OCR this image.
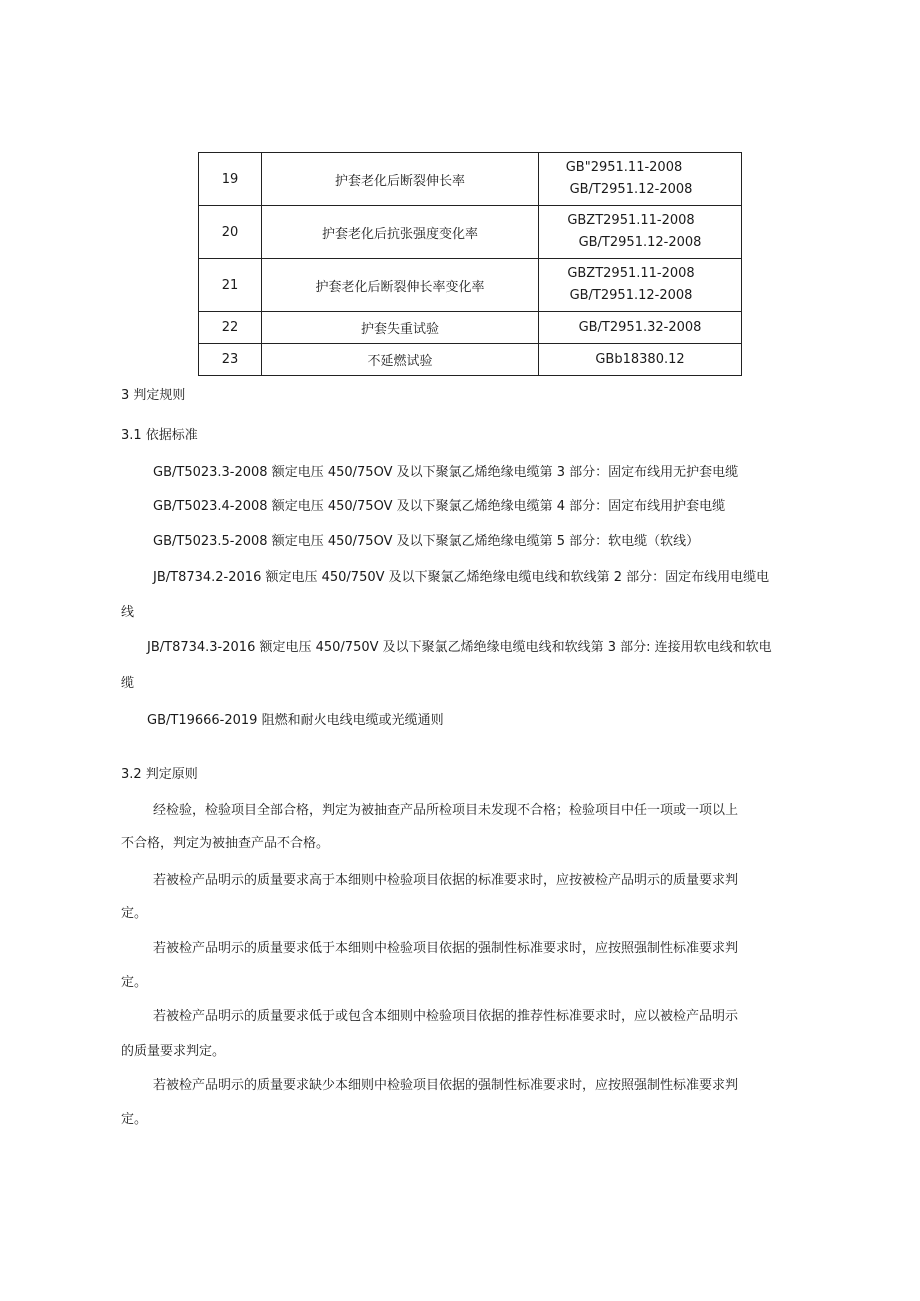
19	护套老化后断裂伸长率	GB"2951.11-2008
GB/T2951.12-2008

20	护套老化后抗张强度变化率	GBZT2951.11-2008
GB/T2951.12-2008

21	护套老化后断裂伸长率变化率	GBZT2951.11-2008
GB/T2951.12-2008

22	护套失重试验	GB/T2951.32-2008

23	不延燃试验	GBb18380.12
3 判定规则
3.1 依据标准
GB/T5023.3-2008 额定电压 450/75OV 及以下聚氯乙烯绝缘电缆第 3 部分：固定布线用无护套电缆
GB/T5023.4-2008 额定电压 450/75OV 及以下聚氯乙烯绝缘电缆第 4 部分：固定布线用护套电缆
GB/T5023.5-2008 额定电压 450/75OV 及以下聚氯乙烯绝缘电缆第 5 部分：软电缆（软线）
JB/T8734.2-2016 额定电压 450/750V 及以下聚氯乙烯绝缘电缆电线和软线第 2 部分：固定布线用电缆电
线
JB/T8734.3-2016 额定电压 450/750V 及以下聚氯乙烯绝缘电缆电线和软线第 3 部分: 连接用软电线和软电
缆
GB/T19666-2019 阻燃和耐火电线电缆或光缆通则
3.2 判定原则
经检验，检验项目全部合格，判定为被抽查产品所检项目未发现不合格；检验项目中任一项或一项以上
不合格，判定为被抽查产品不合格。
若被检产品明示的质量要求高于本细则中检验项目依据的标准要求时，应按被检产品明示的质量要求判
定。
若被检产品明示的质量要求低于本细则中检验项目依据的强制性标准要求时，应按照强制性标准要求判
定。
若被检产品明示的质量要求低于或包含本细则中检验项目依据的推荐性标准要求时，应以被检产品明示
的质量要求判定。
若被检产品明示的质量要求缺少本细则中检验项目依据的强制性标准要求时，应按照强制性标准要求判
定。
